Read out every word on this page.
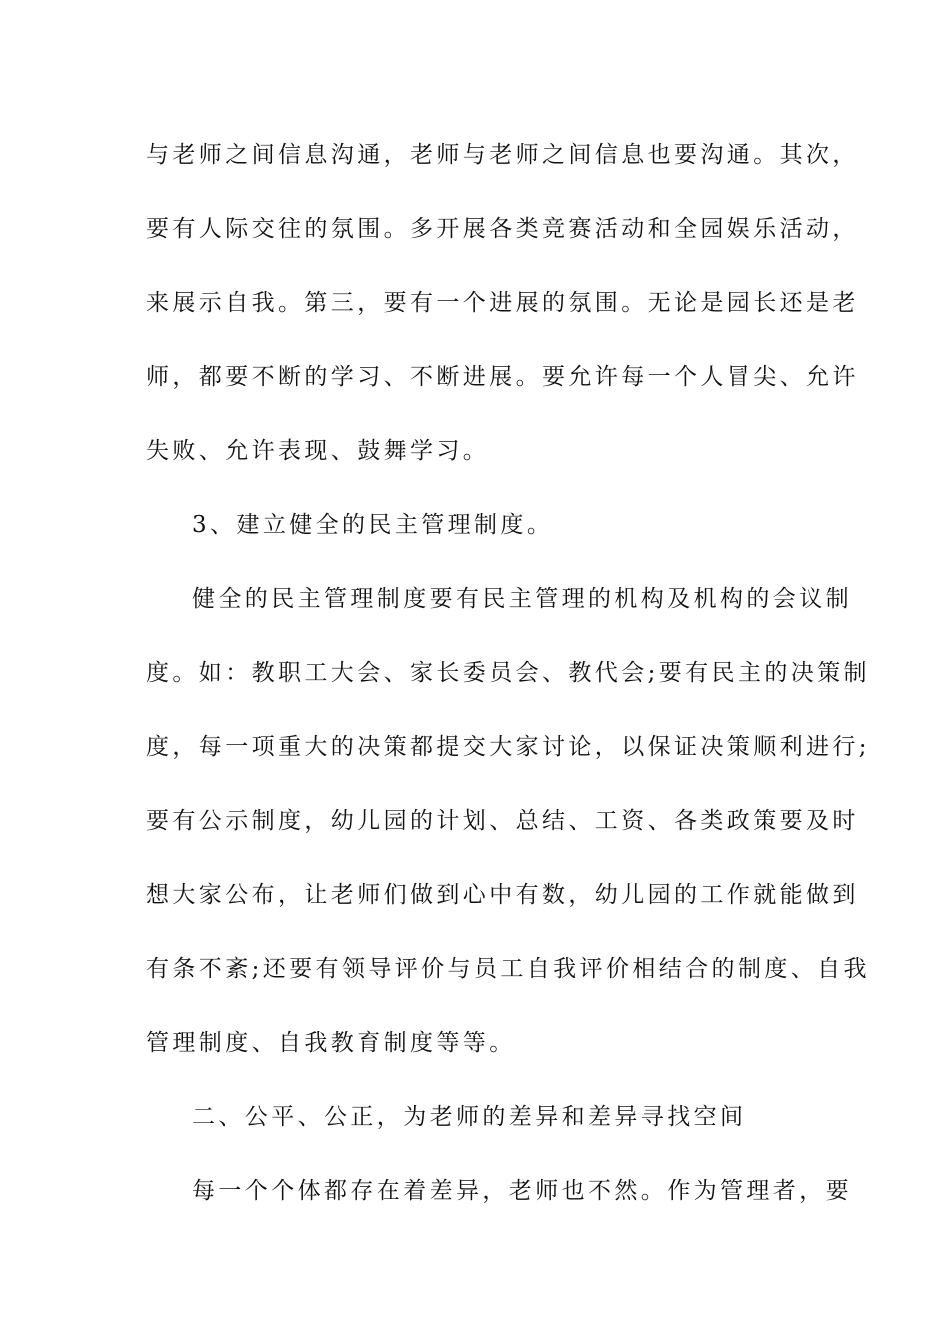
与老师之间信息沟通，老师与老师之间信息也要沟通。其次，
要有人际交往的氛围。多开展各类竞赛活动和全园娱乐活动，
来展示自我。第三，要有一个进展的氛围。无论是园长还是老
师，都要不断的学习、不断进展。要允许每一个人冒尖、允许
失败、允许表现、鼓舞学习。
3、建立健全的民主管理制度。
健全的民主管理制度要有民主管理的机构及机构的会议制
度。如：教职工大会、家长委员会、教代会;要有民主的决策制
度，每一项重大的决策都提交大家讨论，以保证决策顺利进行;
要有公示制度，幼儿园的计划、总结、工资、各类政策要及时
想大家公布，让老师们做到心中有数，幼儿园的工作就能做到
有条不紊;还要有领导评价与员工自我评价相结合的制度、自我
管理制度、自我教育制度等等。
二、公平、公正，为老师的差异和差异寻找空间
每一个个体都存在着差异，老师也不然。作为管理者，要
